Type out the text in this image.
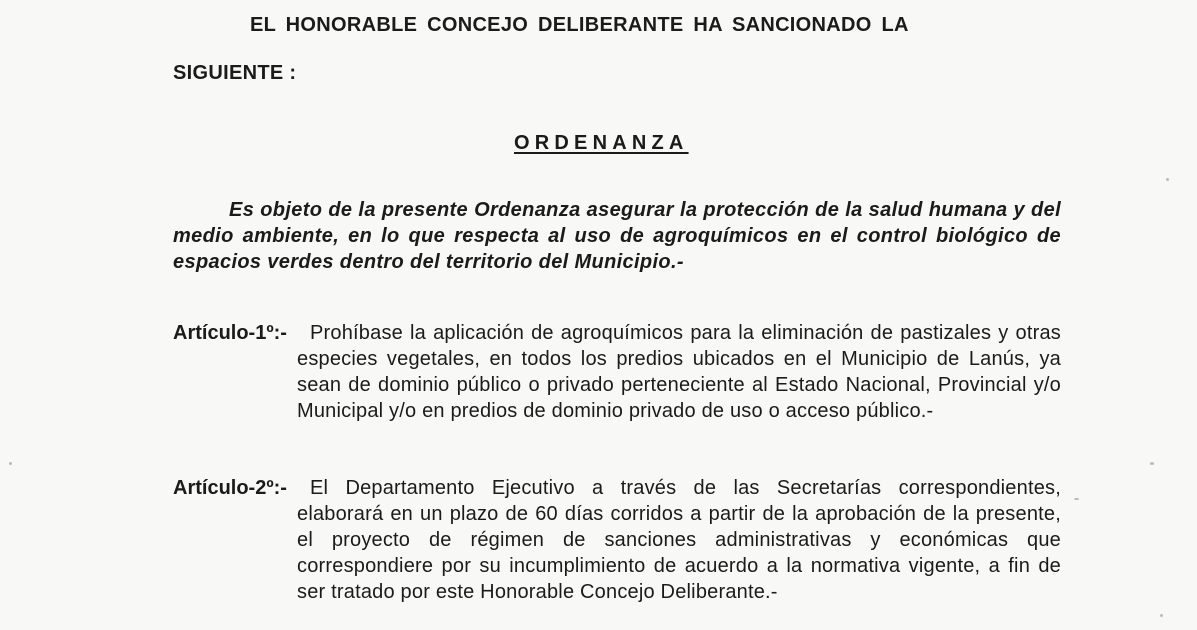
EL HONORABLE CONCEJO DELIBERANTE HA SANCIONADO LA
SIGUIENTE :
ORDENANZA
Es objeto de la presente Ordenanza asegurar la protección de la salud humana y del medio ambiente, en lo que respecta al uso de agroquímicos en el control biológico de espacios verdes dentro del territorio del Municipio.-
Artículo-1º:-	Prohíbase la aplicación de agroquímicos para la eliminación de pastizales y otras especies vegetales, en todos los predios ubicados en el Municipio de Lanús, ya sean de dominio público o privado perteneciente al Estado Nacional, Provincial y/o Municipal y/o en predios de dominio privado de uso o acceso público.-
Artículo-2º:-	El Departamento Ejecutivo a través de las Secretarías correspondientes, elaborará en un plazo de 60 días corridos a partir de la aprobación de la presente, el proyecto de régimen de sanciones administrativas y económicas que correspondiere por su incumplimiento de acuerdo a la normativa vigente, a fin de ser tratado por este Honorable Concejo Deliberante.-
